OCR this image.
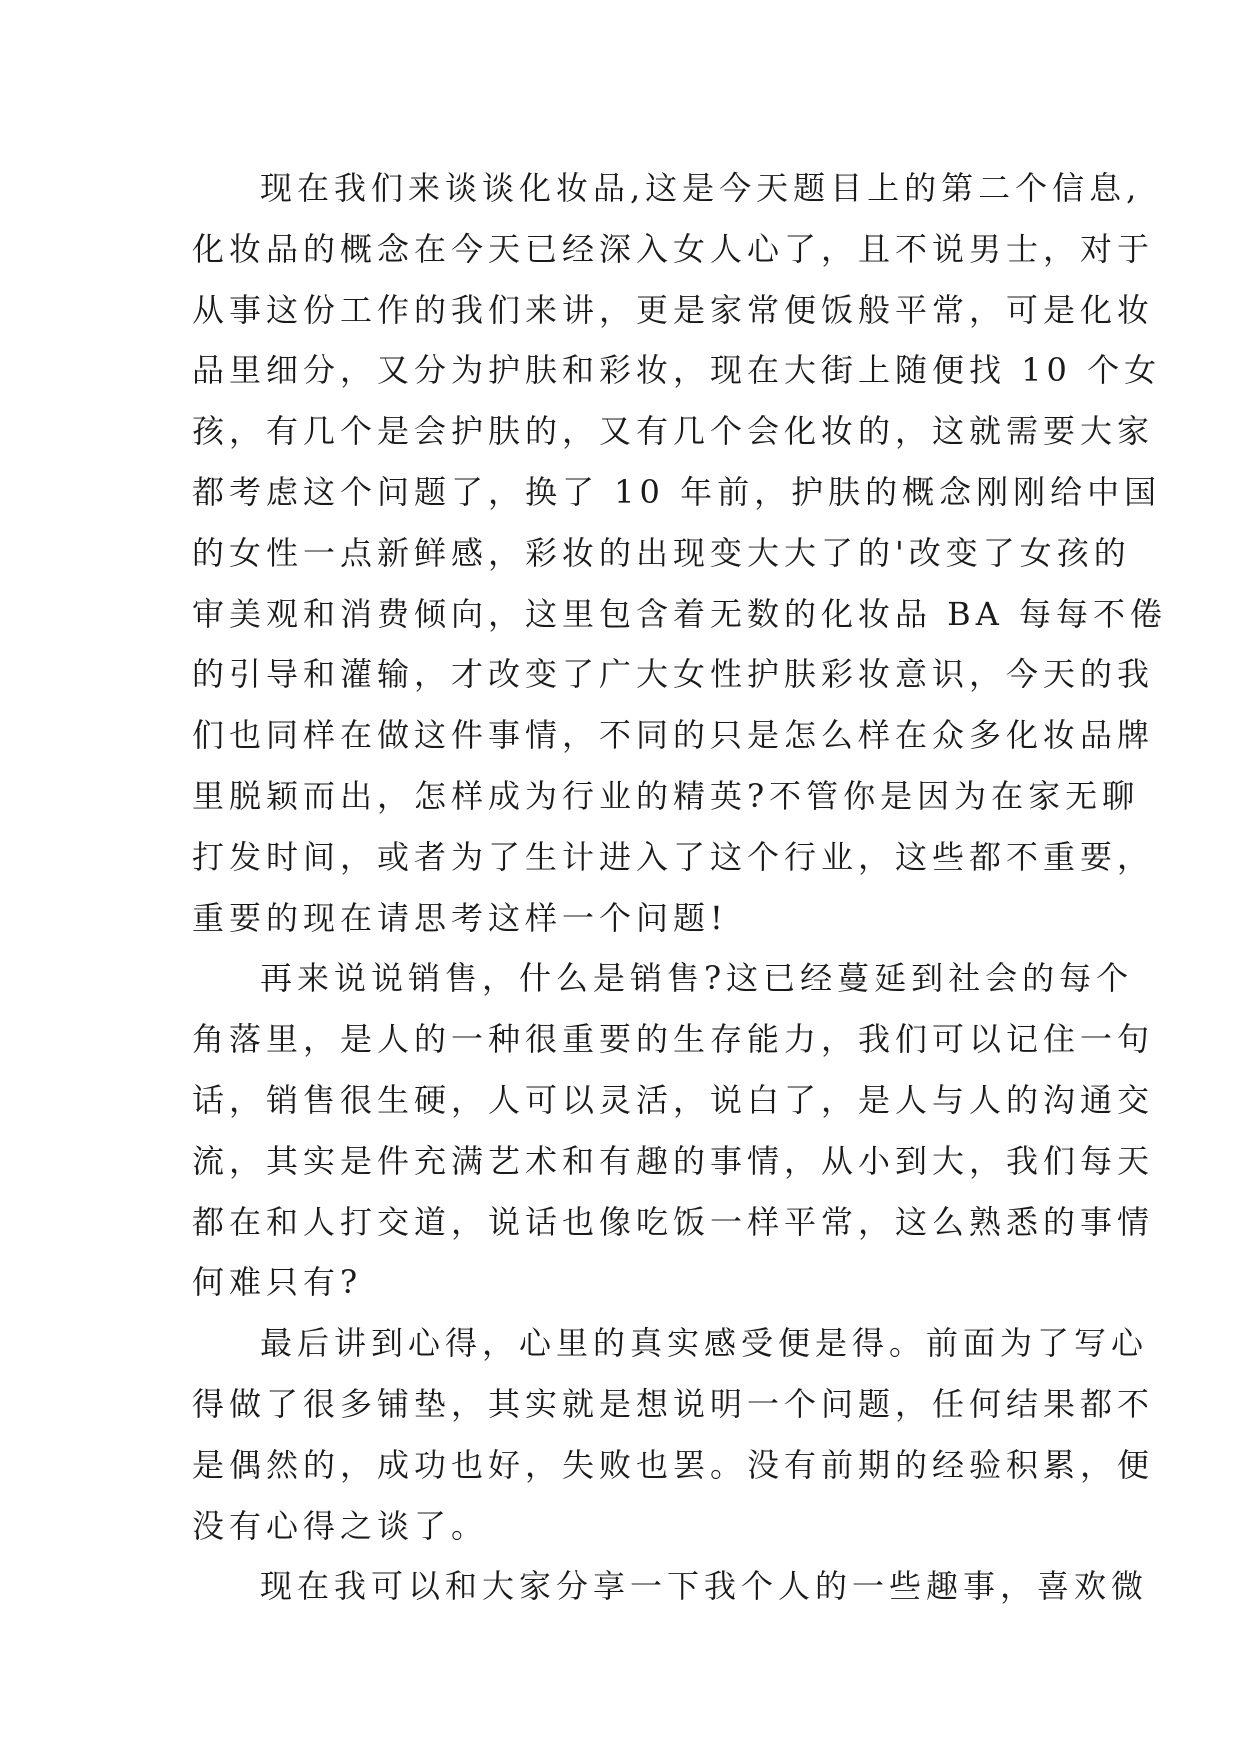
现在我们来谈谈化妆品,这是今天题目上的第二个信息,
化妆品的概念在今天已经深入女人心了，且不说男士，对于
从事这份工作的我们来讲，更是家常便饭般平常，可是化妆
品里细分，又分为护肤和彩妆，现在大街上随便找 10 个女
孩，有几个是会护肤的，又有几个会化妆的，这就需要大家
都考虑这个问题了，换了 10 年前，护肤的概念刚刚给中国
的女性一点新鲜感，彩妆的出现变大大了的'改变了女孩的
审美观和消费倾向，这里包含着无数的化妆品 BA 每每不倦
的引导和灌输，才改变了广大女性护肤彩妆意识，今天的我
们也同样在做这件事情，不同的只是怎么样在众多化妆品牌
里脱颖而出，怎样成为行业的精英?不管你是因为在家无聊
打发时间，或者为了生计进入了这个行业，这些都不重要，
重要的现在请思考这样一个问题!
再来说说销售，什么是销售?这已经蔓延到社会的每个
角落里，是人的一种很重要的生存能力，我们可以记住一句
话，销售很生硬，人可以灵活，说白了，是人与人的沟通交
流，其实是件充满艺术和有趣的事情，从小到大，我们每天
都在和人打交道，说话也像吃饭一样平常，这么熟悉的事情
何难只有?
最后讲到心得，心里的真实感受便是得。前面为了写心
得做了很多铺垫，其实就是想说明一个问题，任何结果都不
是偶然的，成功也好，失败也罢。没有前期的经验积累，便
没有心得之谈了。
现在我可以和大家分享一下我个人的一些趣事，喜欢微
